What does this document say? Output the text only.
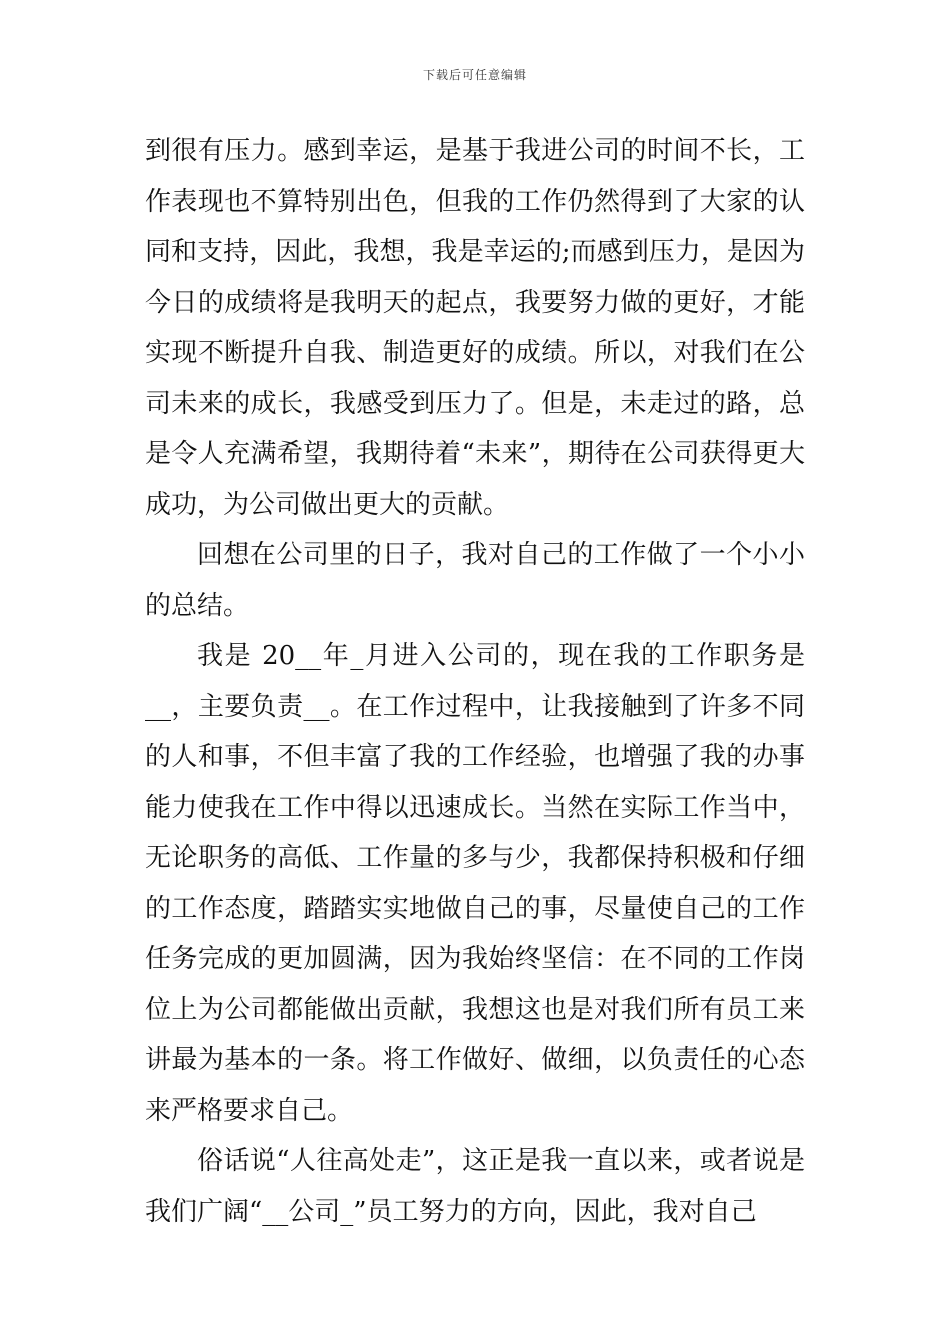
下载后可任意编辑

到很有压力。感到幸运，是基于我进公司的时间不长，工作表现也不算特别出色，但我的工作仍然得到了大家的认同和支持，因此，我想，我是幸运的;而感到压力，是因为今日的成绩将是我明天的起点，我要努力做的更好，才能实现不断提升自我、制造更好的成绩。所以，对我们在公司未来的成长，我感受到压力了。但是，未走过的路，总是令人充满希望，我期待着“未来”，期待在公司获得更大成功，为公司做出更大的贡献。

回想在公司里的日子，我对自己的工作做了一个小小的总结。

我是 20__年_月进入公司的，现在我的工作职务是__，主要负责__。在工作过程中，让我接触到了许多不同的人和事，不但丰富了我的工作经验，也增强了我的办事能力使我在工作中得以迅速成长。当然在实际工作当中，无论职务的高低、工作量的多与少，我都保持积极和仔细的工作态度，踏踏实实地做自己的事，尽量使自己的工作任务完成的更加圆满，因为我始终坚信：在不同的工作岗位上为公司都能做出贡献，我想这也是对我们所有员工来讲最为基本的一条。将工作做好、做细，以负责任的心态来严格要求自己。

俗话说“人往高处走”，这正是我一直以来，或者说是我们广阔“__公司_”员工努力的方向，因此，我对自己
